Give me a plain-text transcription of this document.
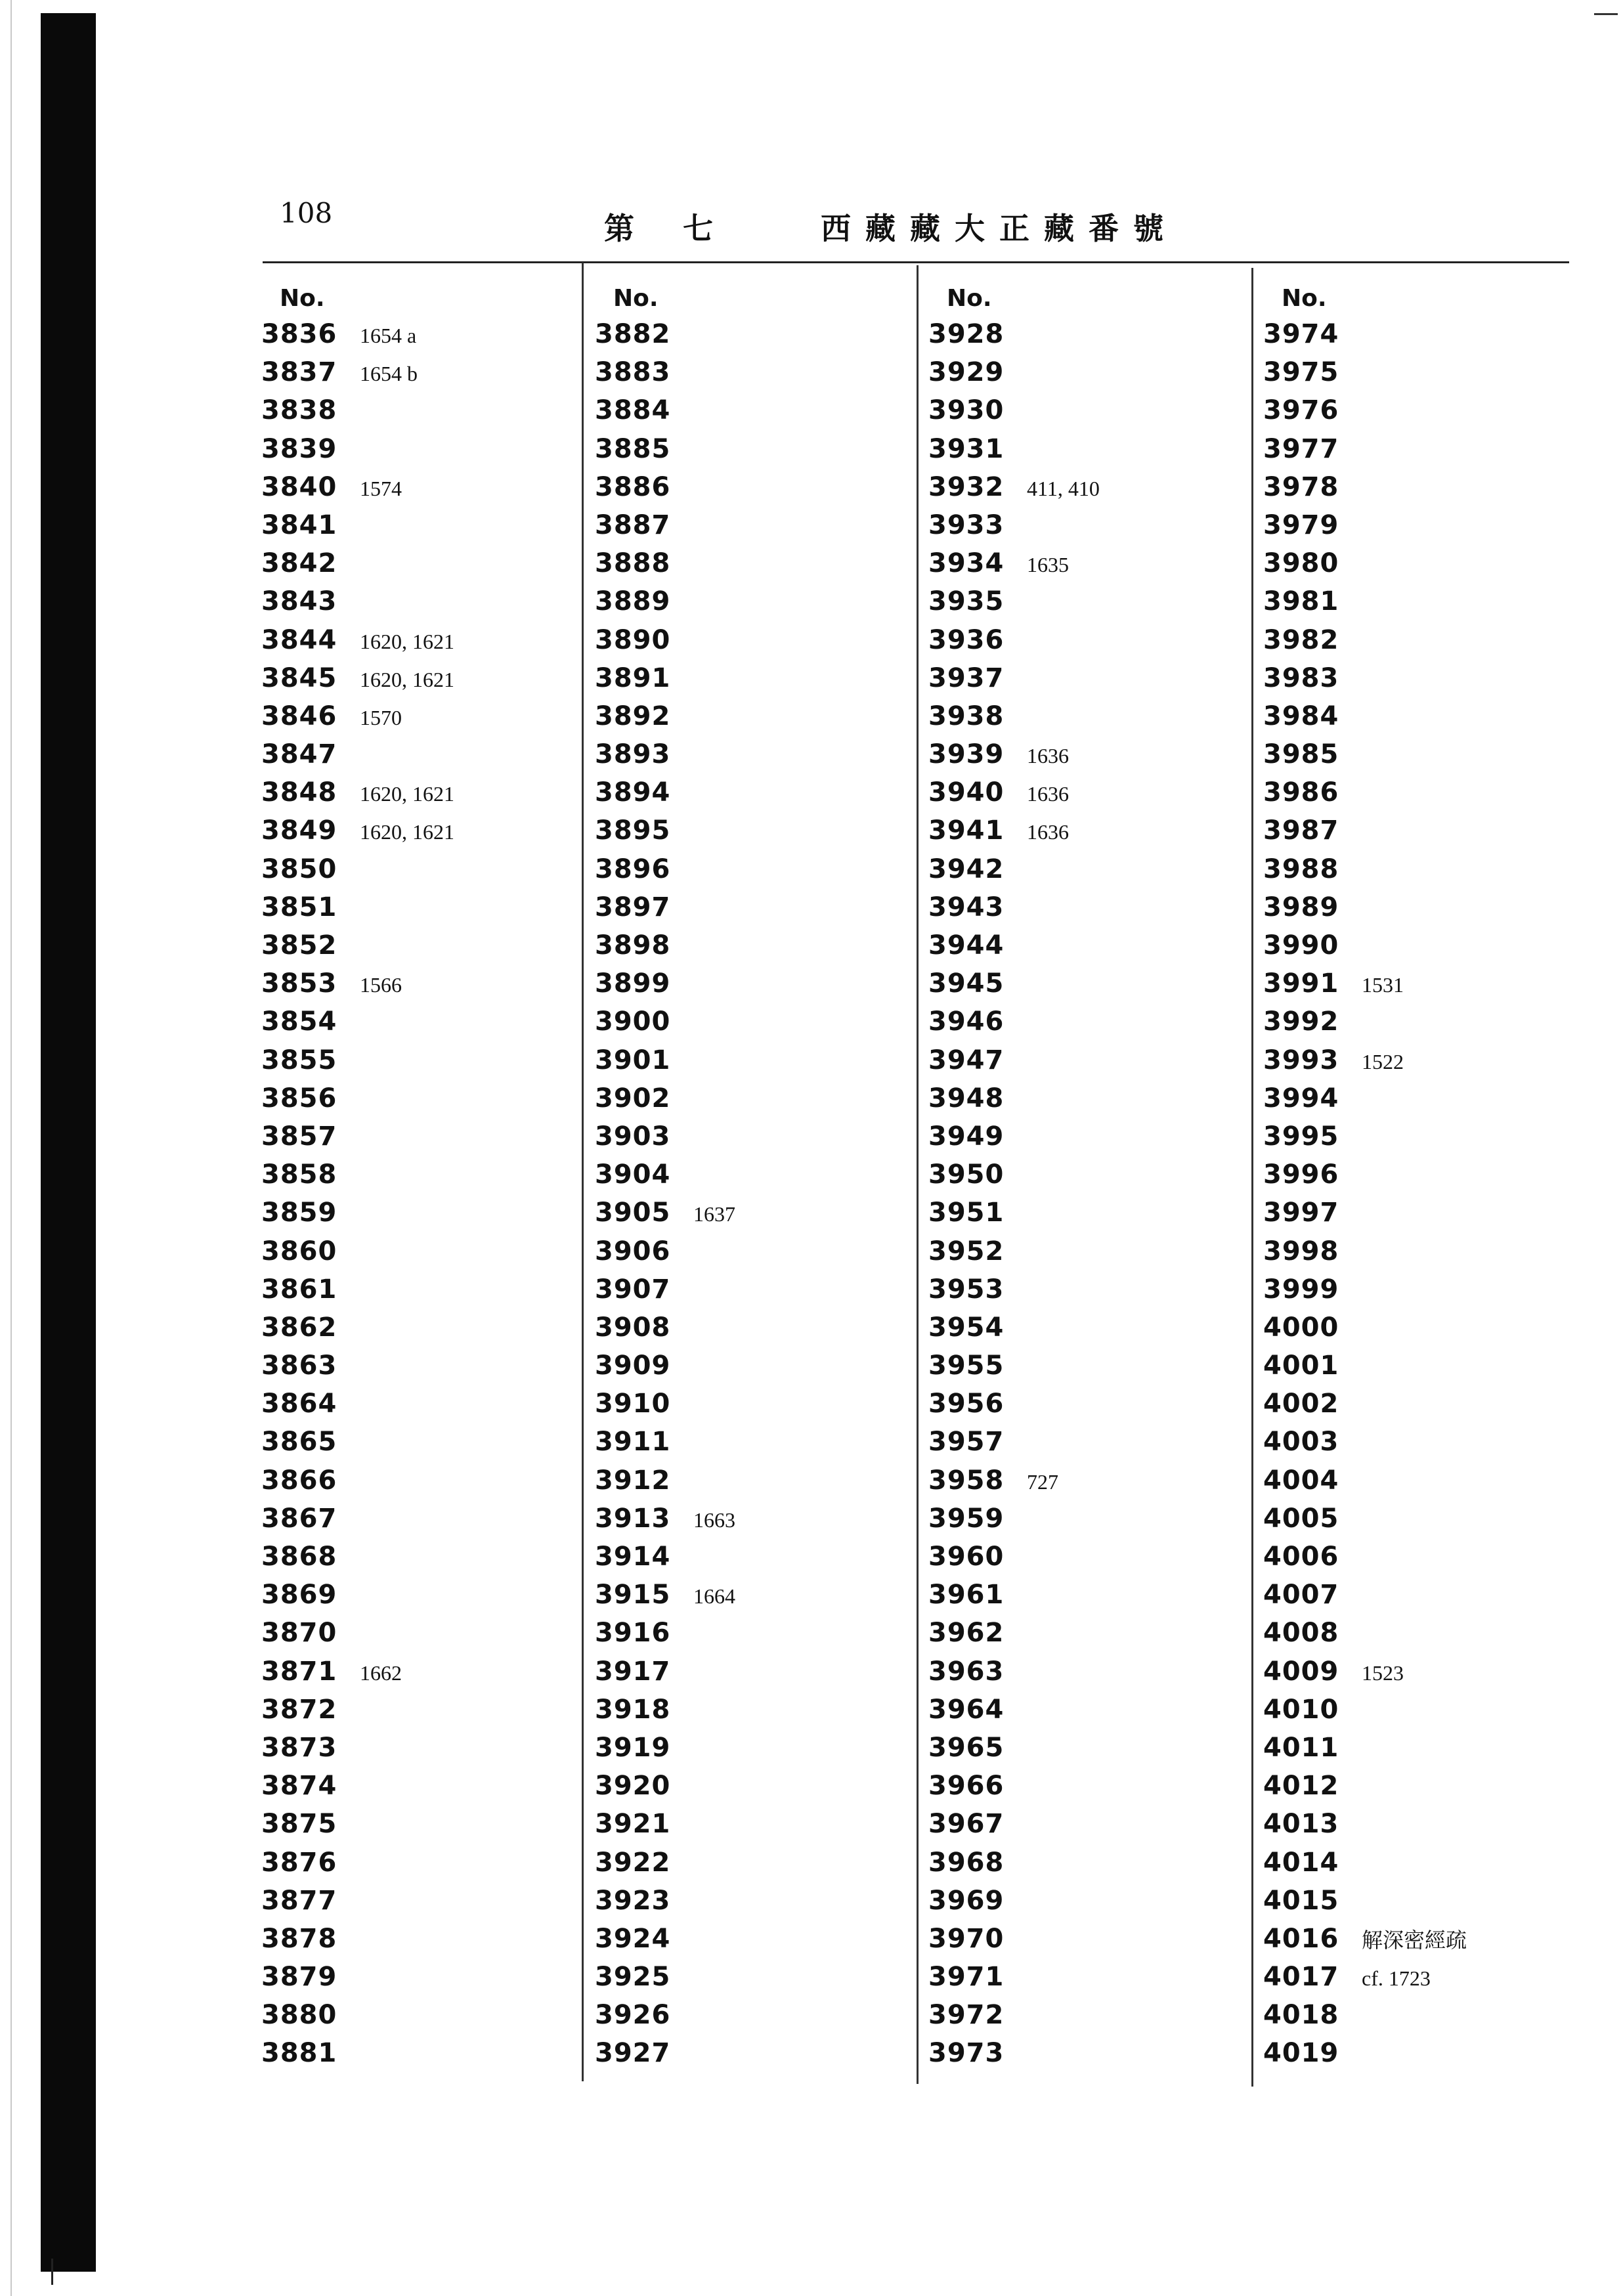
108	第 七	西 藏 藏 大 正 藏 番 號
No.
3836 1654 a
3837 1654 b
3838
3839
3840 1574
3841
3842
3843
3844 1620, 1621
3845 1620, 1621
3846 1570
3847
3848 1620, 1621
3849 1620, 1621
3850
3851
3852
3853 1566
3854
3855
3856
3857
3858
3859
3860
3861
3862
3863
3864
3865
3866
3867
3868
3869
3870
3871 1662
3872
3873
3874
3875
3876
3877
3878
3879
3880
3881
No.
3882
3883
3884
3885
3886
3887
3888
3889
3890
3891
3892
3893
3894
3895
3896
3897
3898
3899
3900
3901
3902
3903
3904
3905 1637
3906
3907
3908
3909
3910
3911
3912
3913 1663
3914
3915 1664
3916
3917
3918
3919
3920
3921
3922
3923
3924
3925
3926
3927
No.
3928
3929
3930
3931
3932 411, 410
3933
3934 1635
3935
3936
3937
3938
3939 1636
3940 1636
3941 1636
3942
3943
3944
3945
3946
3947
3948
3949
3950
3951
3952
3953
3954
3955
3956
3957
3958 727
3959
3960
3961
3962
3963
3964
3965
3966
3967
3968
3969
3970
3971
3972
3973
No.
3974
3975
3976
3977
3978
3979
3980
3981
3982
3983
3984
3985
3986
3987
3988
3989
3990
3991 1531
3992
3993 1522
3994
3995
3996
3997
3998
3999
4000
4001
4002
4003
4004
4005
4006
4007
4008
4009 1523
4010
4011
4012
4013
4014
4015
4016 解深密經疏
4017 cf. 1723
4018
4019
